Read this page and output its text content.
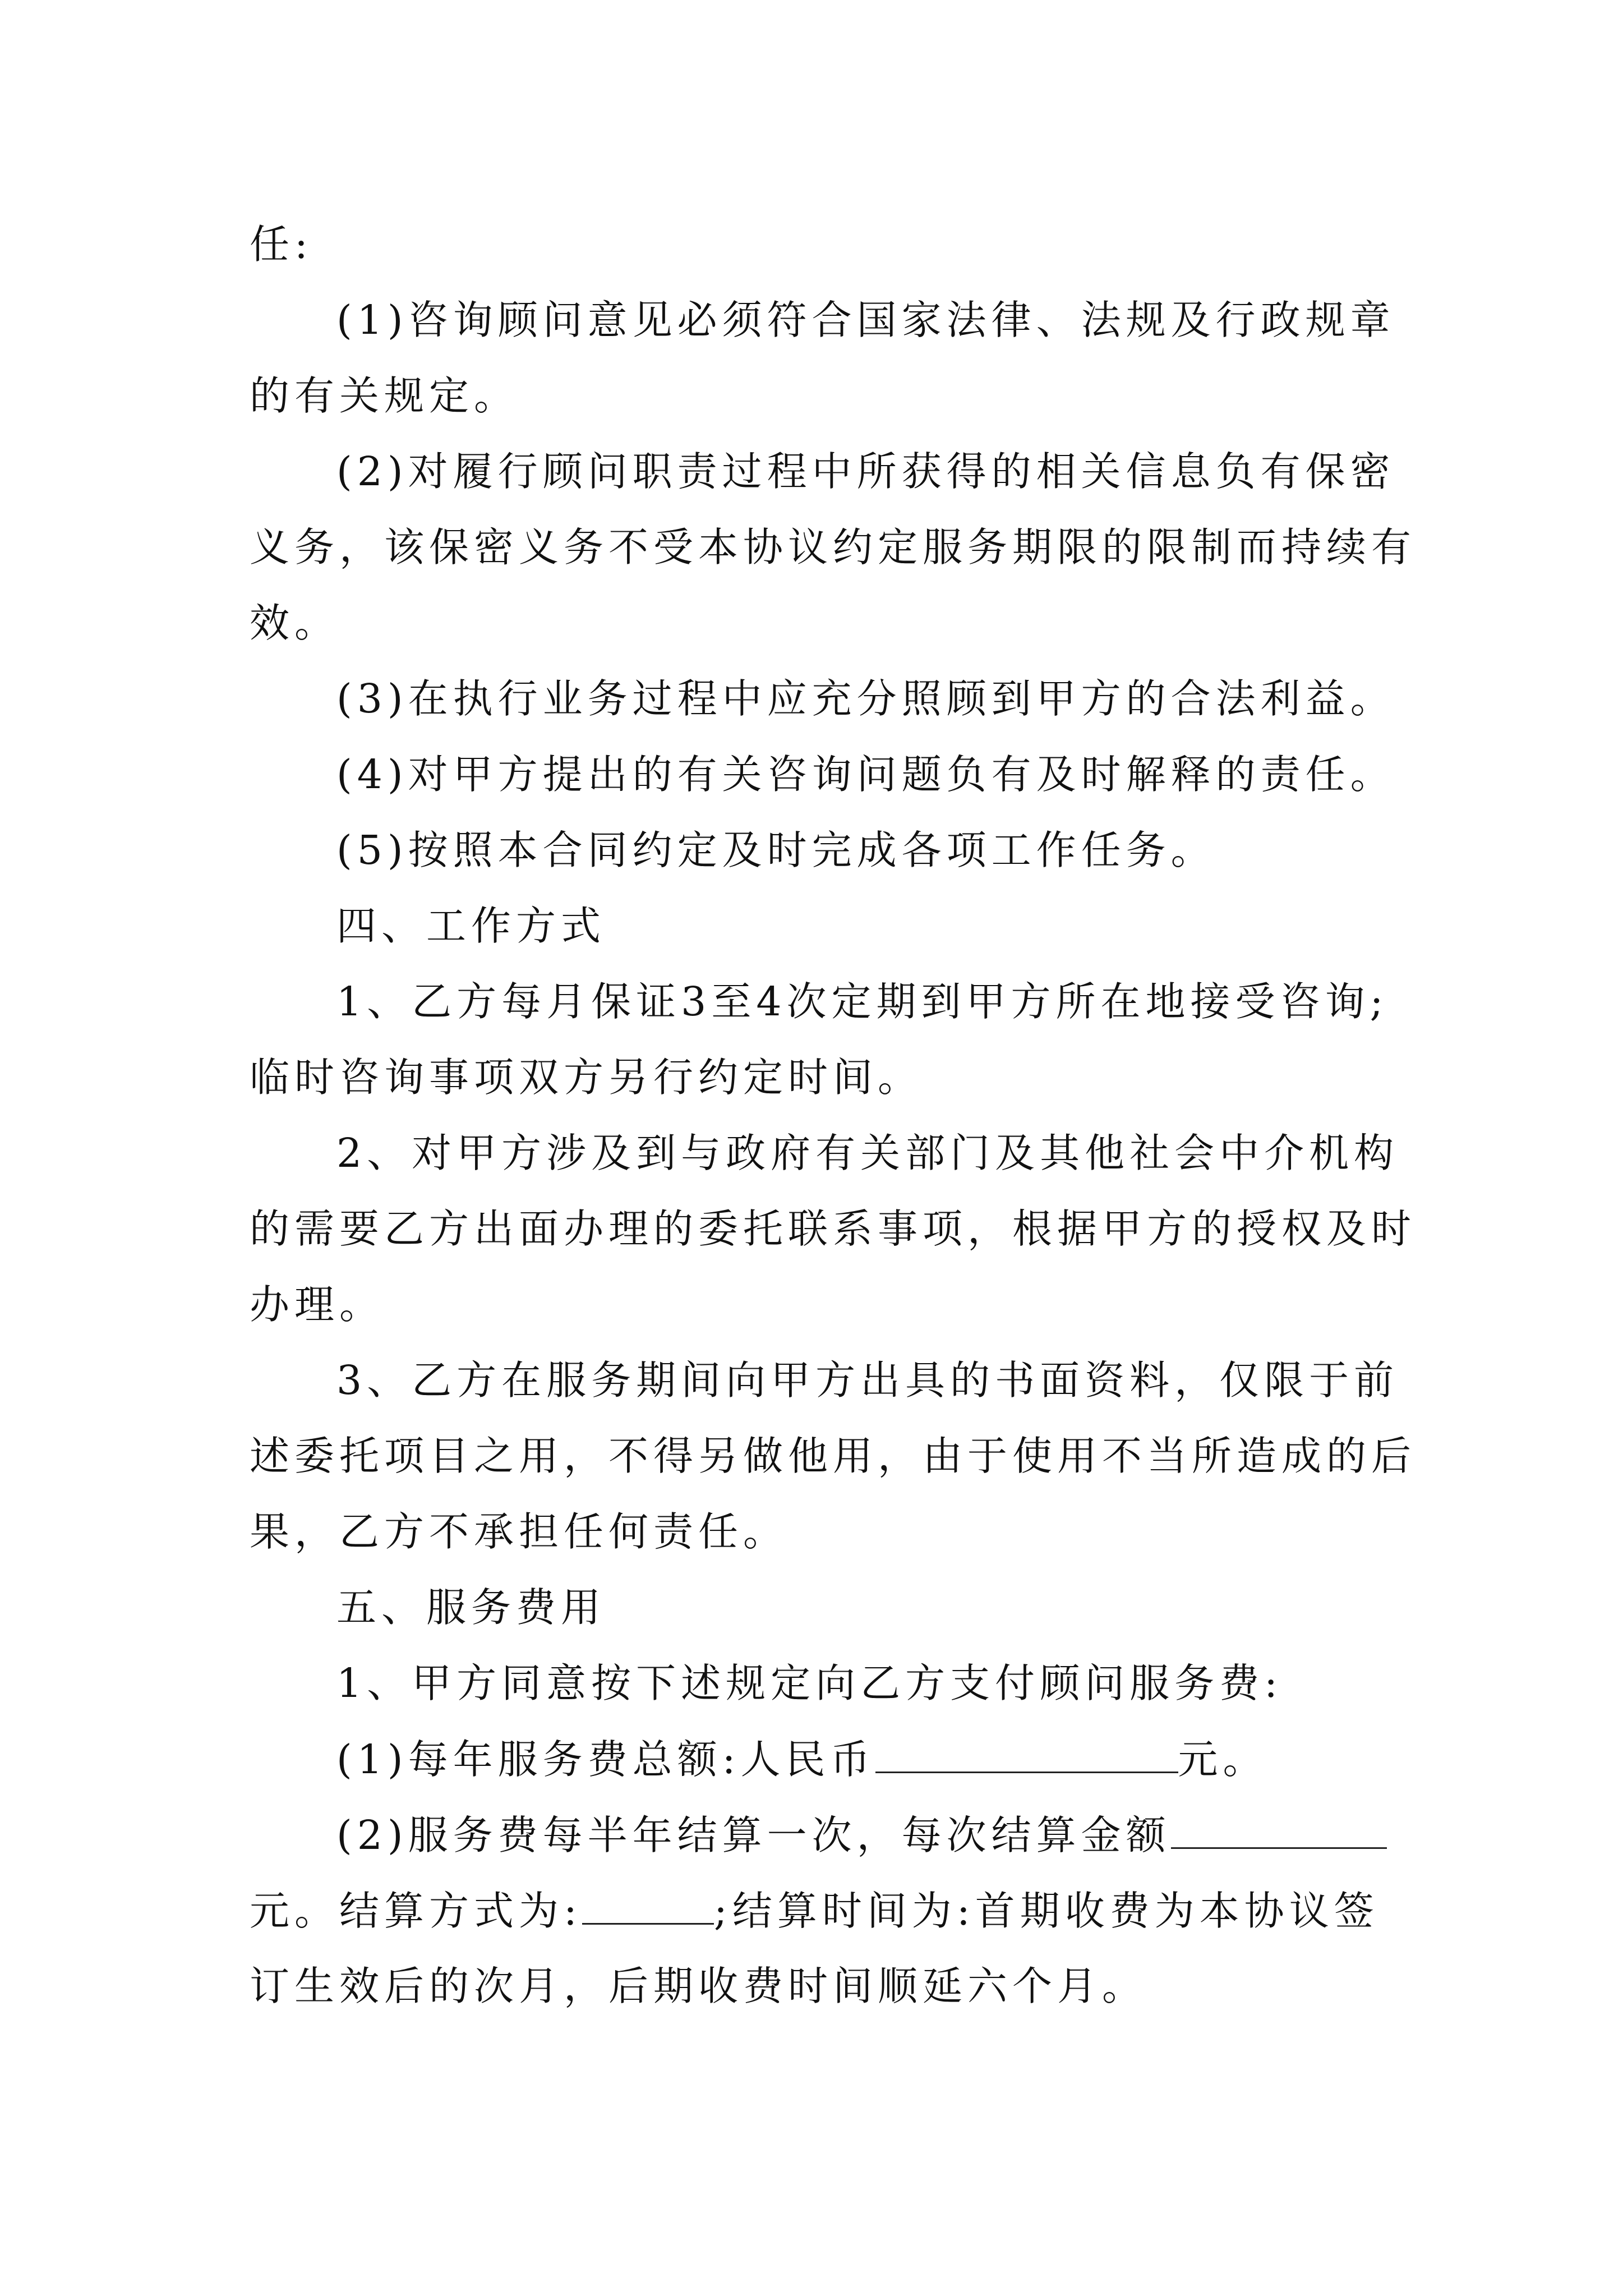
任:
(1)咨询顾问意见必须符合国家法律、法规及行政规章
的有关规定。
(2)对履行顾问职责过程中所获得的相关信息负有保密
义务，该保密义务不受本协议约定服务期限的限制而持续有
效。
(3)在执行业务过程中应充分照顾到甲方的合法利益。
(4)对甲方提出的有关咨询问题负有及时解释的责任。
(5)按照本合同约定及时完成各项工作任务。
四、工作方式
1、乙方每月保证3至4次定期到甲方所在地接受咨询;
临时咨询事项双方另行约定时间。
2、对甲方涉及到与政府有关部门及其他社会中介机构
的需要乙方出面办理的委托联系事项，根据甲方的授权及时
办理。
3、乙方在服务期间向甲方出具的书面资料，仅限于前
述委托项目之用，不得另做他用，由于使用不当所造成的后
果，乙方不承担任何责任。
五、服务费用
1、甲方同意按下述规定向乙方支付顾问服务费:
(1)每年服务费总额:人民币	元。
(2)服务费每半年结算一次，每次结算金额
元。结算方式为:	;结算时间为:首期收费为本协议签
订生效后的次月，后期收费时间顺延六个月。
